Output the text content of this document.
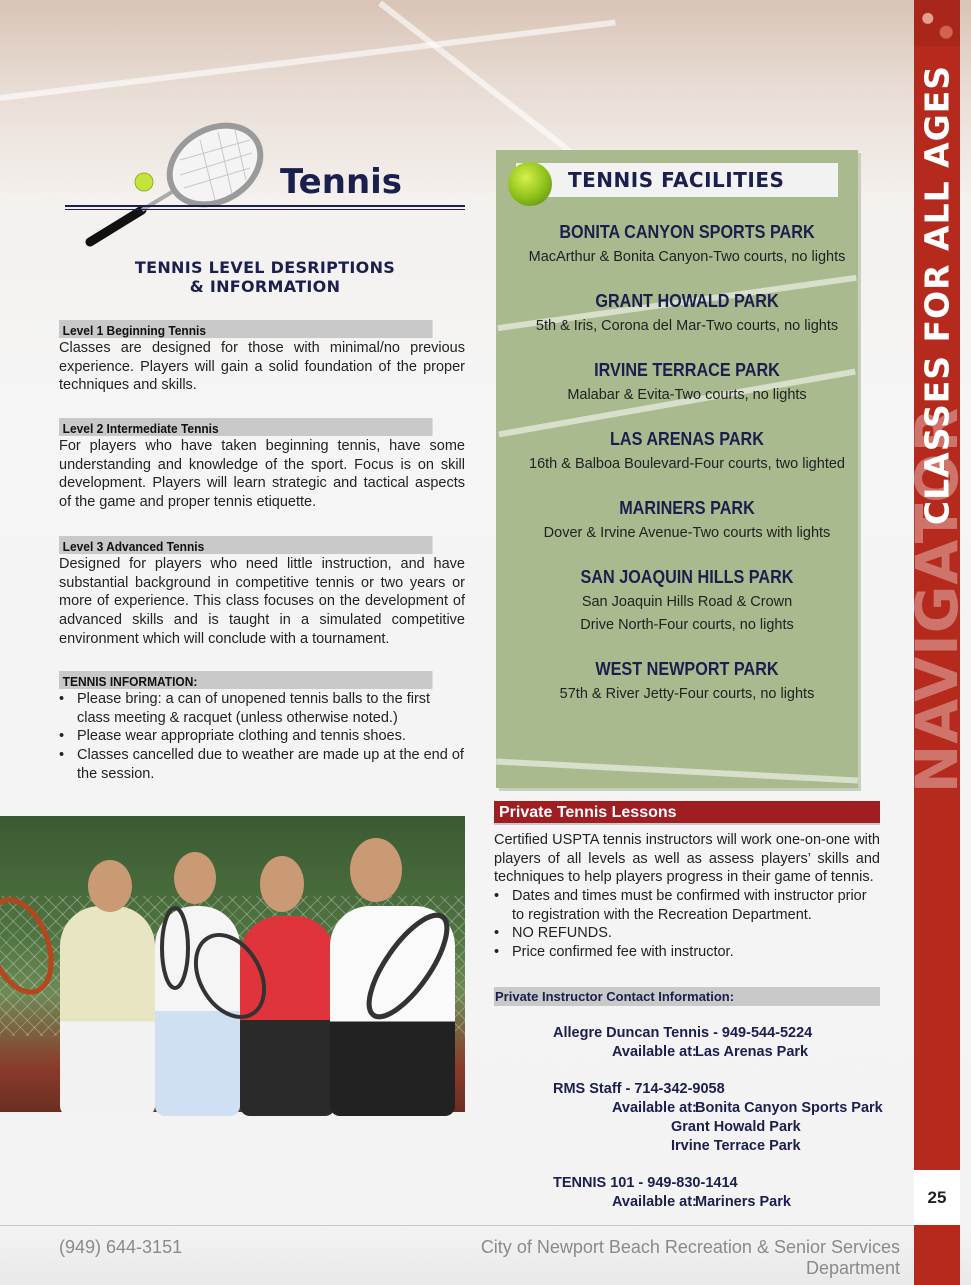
NAVIGATOR
CLASSES FOR ALL AGES
25
Tennis
TENNIS LEVEL DESRIPTIONS
& INFORMATION
Level 1 Beginning Tennis
Classes are designed for those with minimal/no previous experience. Players will gain a solid foundation of the proper techniques and skills.
Level 2 Intermediate Tennis
For players who have taken beginning tennis, have some understanding and knowledge of the sport. Focus is on skill development. Players will learn strategic and tactical aspects of the game and proper tennis etiquette.
Level 3 Advanced Tennis
Designed for players who need little instruction, and have substantial background in competitive tennis or two years or more of experience. This class focuses on the development of advanced skills and is taught in a simulated competitive environment which will conclude with a tournament.
TENNIS INFORMATION:
• Please bring: a can of unopened tennis balls to the first class meeting & racquet (unless otherwise noted.)
• Please wear appropriate clothing and tennis shoes.
• Classes cancelled due to weather are made up at the end of the session.
TENNIS FACILITIES
BONITA CANYON SPORTS PARK
MacArthur & Bonita Canyon-Two courts, no lights
GRANT HOWALD PARK
5th & Iris, Corona del Mar-Two courts, no lights
IRVINE TERRACE PARK
Malabar & Evita-Two courts, no lights
LAS ARENAS PARK
16th & Balboa Boulevard-Four courts, two lighted
MARINERS PARK
Dover & Irvine Avenue-Two courts with lights
SAN JOAQUIN HILLS PARK
San Joaquin Hills Road & Crown
Drive North-Four courts, no lights
WEST NEWPORT PARK
57th & River Jetty-Four courts, no lights
Private Tennis Lessons
Certified USPTA tennis instructors will work one-on-one with players of all levels as well as assess players’ skills and techniques to help players progress in their game of tennis.
• Dates and times must be confirmed with instructor prior to registration with the Recreation Department.
• NO REFUNDS.
• Price confirmed fee with instructor.
Private Instructor Contact Information:
Allegre Duncan Tennis - 949-544-5224
Available at:
Las Arenas Park
RMS Staff - 714-342-9058
Available at:
Bonita Canyon Sports Park
Grant Howald Park
Irvine Terrace Park
TENNIS 101 - 949-830-1414
Available at:
Mariners Park
(949) 644-3151	City of Newport Beach Recreation & Senior Services Department
